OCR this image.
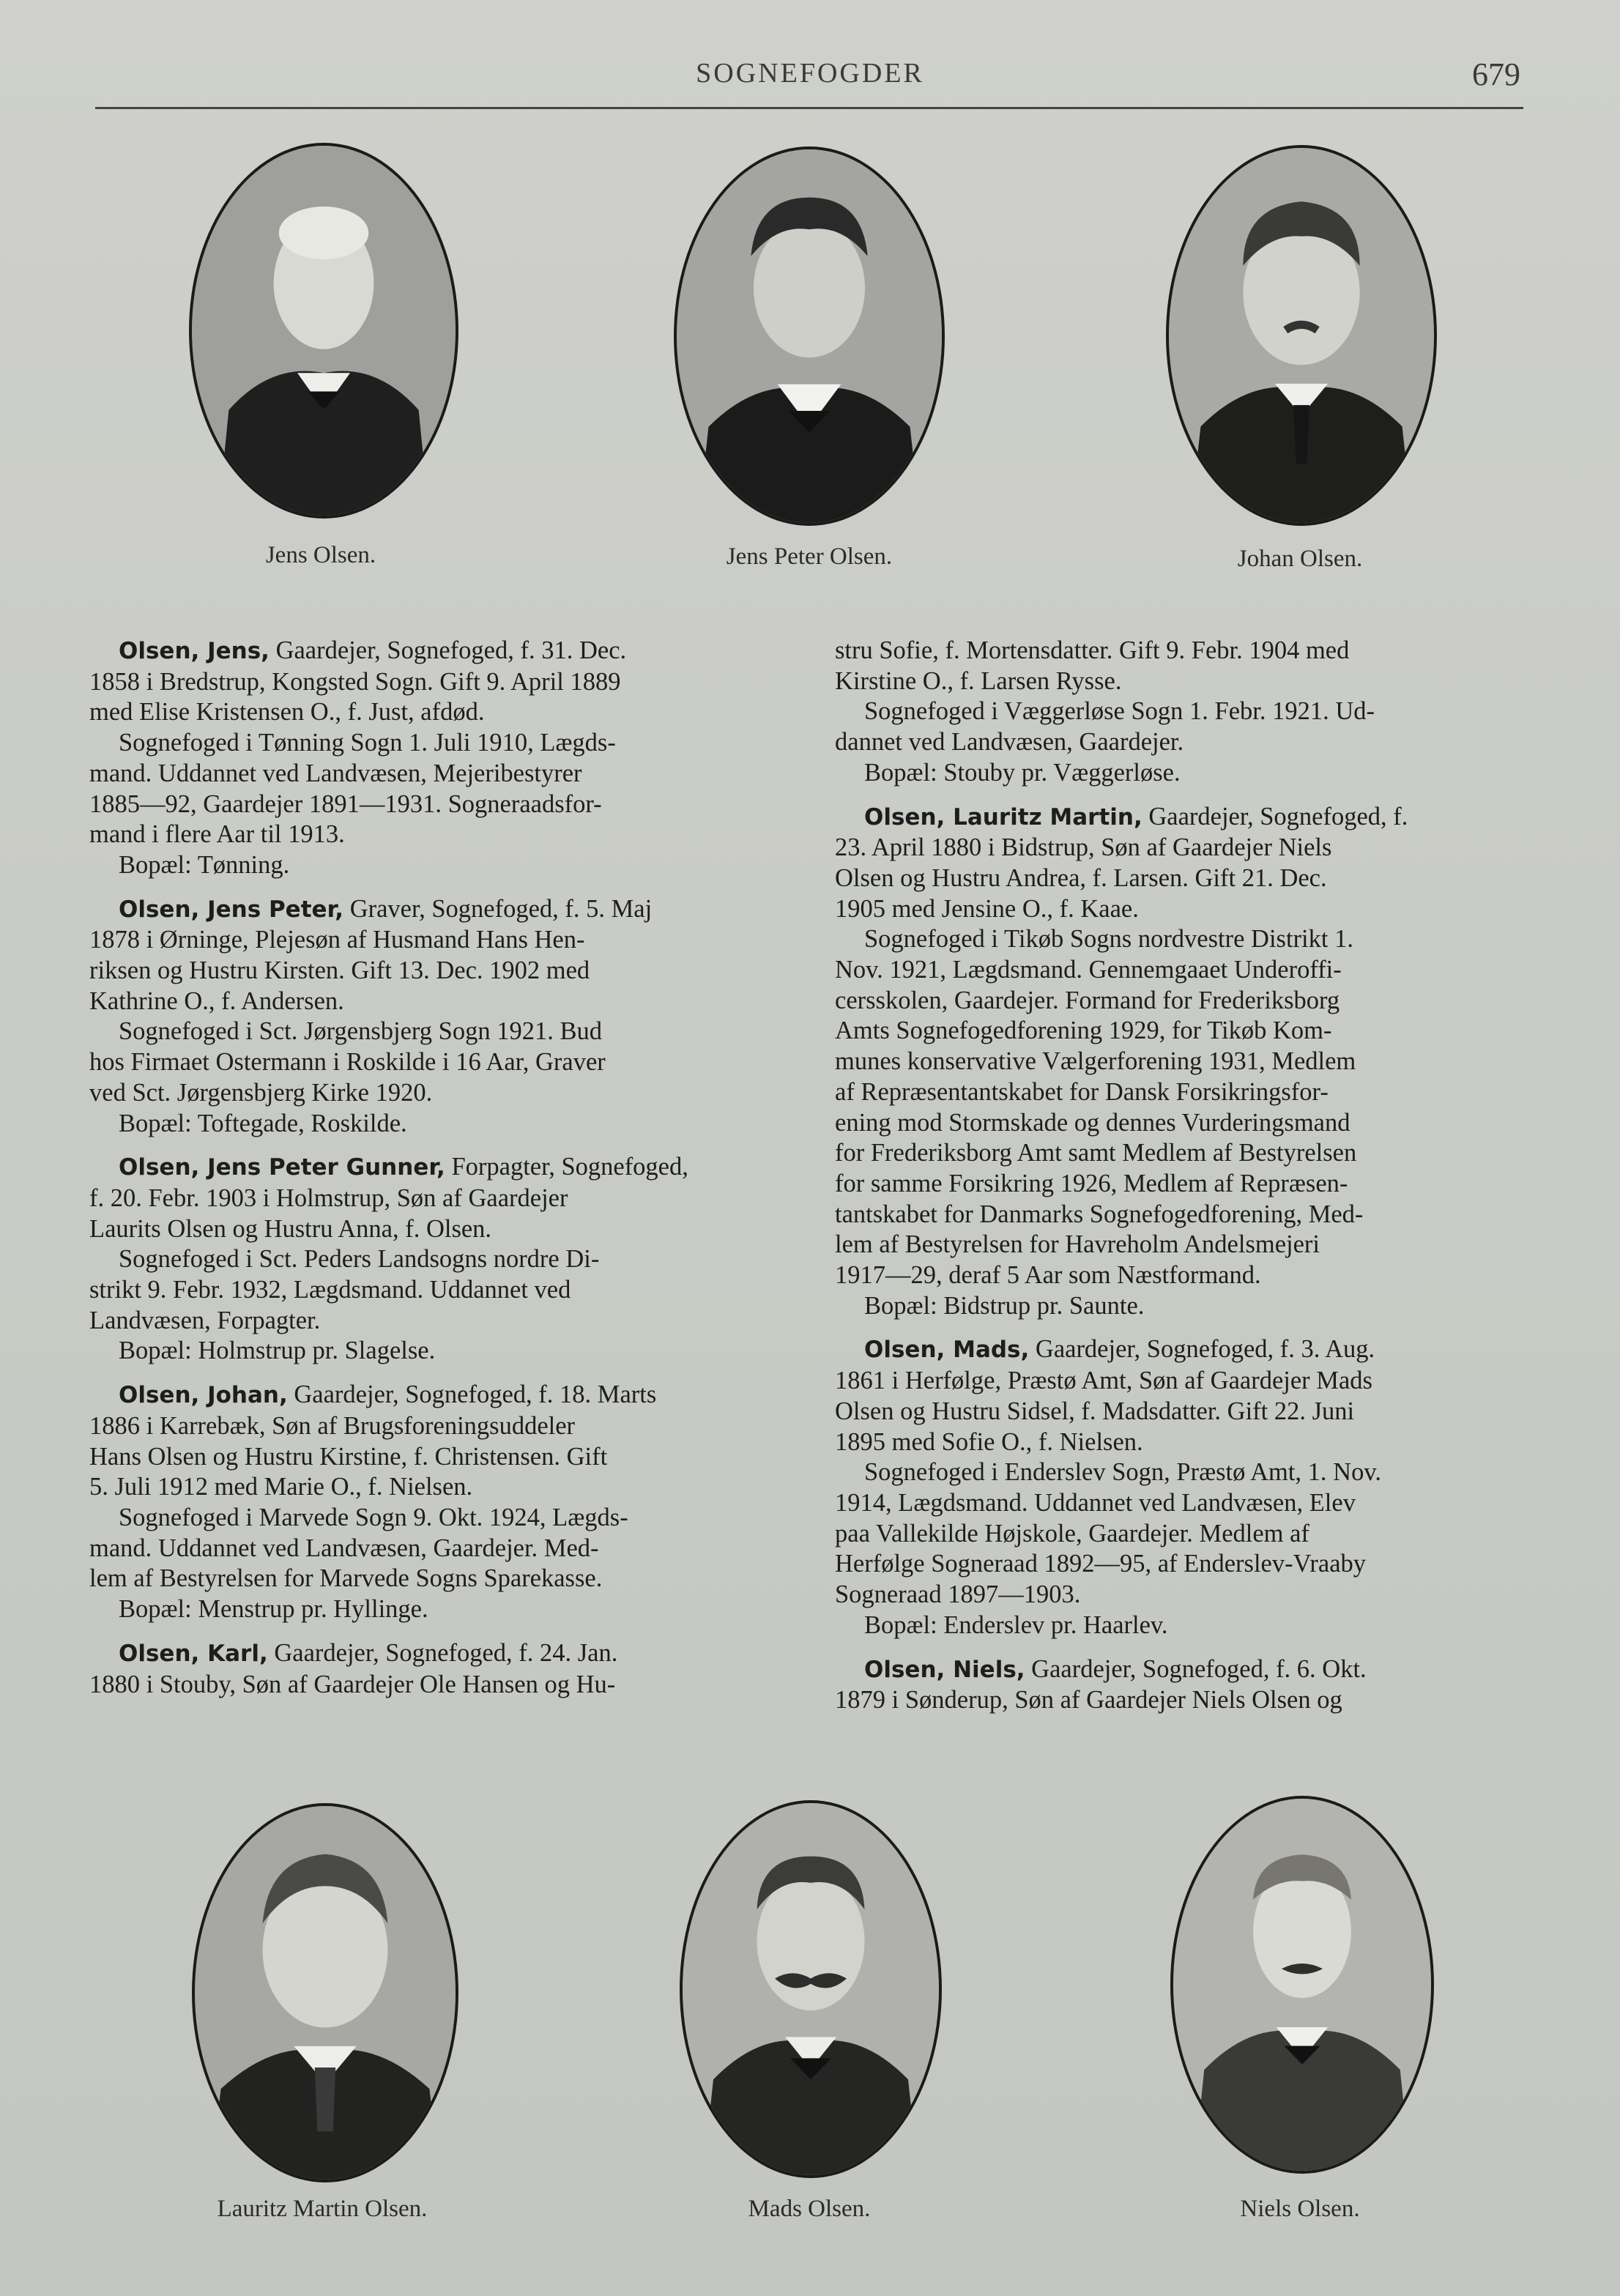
SOGNEFOGDER	679
Jens Olsen.	Jens Peter Olsen.	Johan Olsen.

Olsen, Jens, Gaardejer, Sognefoged, f. 31. Dec.

1858 i Bredstrup, Kongsted Sogn. Gift 9. April 1889

med Elise Kristensen O., f. Just, afdød.

Sognefoged i Tønning Sogn 1. Juli 1910, Lægds-

mand. Uddannet ved Landvæsen, Mejeribestyrer

1885—92, Gaardejer 1891—1931. Sogneraadsfor-

mand i flere Aar til 1913.

Bopæl: Tønning.

Olsen, Jens Peter, Graver, Sognefoged, f. 5. Maj

1878 i Ørninge, Plejesøn af Husmand Hans Hen-

riksen og Hustru Kirsten. Gift 13. Dec. 1902 med

Kathrine O., f. Andersen.

Sognefoged i Sct. Jørgensbjerg Sogn 1921. Bud

hos Firmaet Ostermann i Roskilde i 16 Aar, Graver

ved Sct. Jørgensbjerg Kirke 1920.

Bopæl: Toftegade, Roskilde.

Olsen, Jens Peter Gunner, Forpagter, Sognefoged,

f. 20. Febr. 1903 i Holmstrup, Søn af Gaardejer

Laurits Olsen og Hustru Anna, f. Olsen.

Sognefoged i Sct. Peders Landsogns nordre Di-

strikt 9. Febr. 1932, Lægdsmand. Uddannet ved

Landvæsen, Forpagter.

Bopæl: Holmstrup pr. Slagelse.

Olsen, Johan, Gaardejer, Sognefoged, f. 18. Marts

1886 i Karrebæk, Søn af Brugsforeningsuddeler

Hans Olsen og Hustru Kirstine, f. Christensen. Gift

5. Juli 1912 med Marie O., f. Nielsen.

Sognefoged i Marvede Sogn 9. Okt. 1924, Lægds-

mand. Uddannet ved Landvæsen, Gaardejer. Med-

lem af Bestyrelsen for Marvede Sogns Sparekasse.

Bopæl: Menstrup pr. Hyllinge.

Olsen, Karl, Gaardejer, Sognefoged, f. 24. Jan.

1880 i Stouby, Søn af Gaardejer Ole Hansen og Hu-

stru Sofie, f. Mortensdatter. Gift 9. Febr. 1904 med

Kirstine O., f. Larsen Rysse.

Sognefoged i Væggerløse Sogn 1. Febr. 1921. Ud-

dannet ved Landvæsen, Gaardejer.

Bopæl: Stouby pr. Væggerløse.

Olsen, Lauritz Martin, Gaardejer, Sognefoged, f.

23. April 1880 i Bidstrup, Søn af Gaardejer Niels

Olsen og Hustru Andrea, f. Larsen. Gift 21. Dec.

1905 med Jensine O., f. Kaae.

Sognefoged i Tikøb Sogns nordvestre Distrikt 1.

Nov. 1921, Lægdsmand. Gennemgaaet Underoffi-

cersskolen, Gaardejer. Formand for Frederiksborg

Amts Sognefogedforening 1929, for Tikøb Kom-

munes konservative Vælgerforening 1931, Medlem

af Repræsentantskabet for Dansk Forsikringsfor-

ening mod Stormskade og dennes Vurderingsmand

for Frederiksborg Amt samt Medlem af Bestyrelsen

for samme Forsikring 1926, Medlem af Repræsen-

tantskabet for Danmarks Sognefogedforening, Med-

lem af Bestyrelsen for Havreholm Andelsmejeri

1917—29, deraf 5 Aar som Næstformand.

Bopæl: Bidstrup pr. Saunte.

Olsen, Mads, Gaardejer, Sognefoged, f. 3. Aug.

1861 i Herfølge, Præstø Amt, Søn af Gaardejer Mads

Olsen og Hustru Sidsel, f. Madsdatter. Gift 22. Juni

1895 med Sofie O., f. Nielsen.

Sognefoged i Enderslev Sogn, Præstø Amt, 1. Nov.

1914, Lægdsmand. Uddannet ved Landvæsen, Elev

paa Vallekilde Højskole, Gaardejer. Medlem af

Herfølge Sogneraad 1892—95, af Enderslev-Vraaby

Sogneraad 1897—1903.

Bopæl: Enderslev pr. Haarlev.

Olsen, Niels, Gaardejer, Sognefoged, f. 6. Okt.

1879 i Sønderup, Søn af Gaardejer Niels Olsen og

Lauritz Martin Olsen.	Mads Olsen.	Niels Olsen.
